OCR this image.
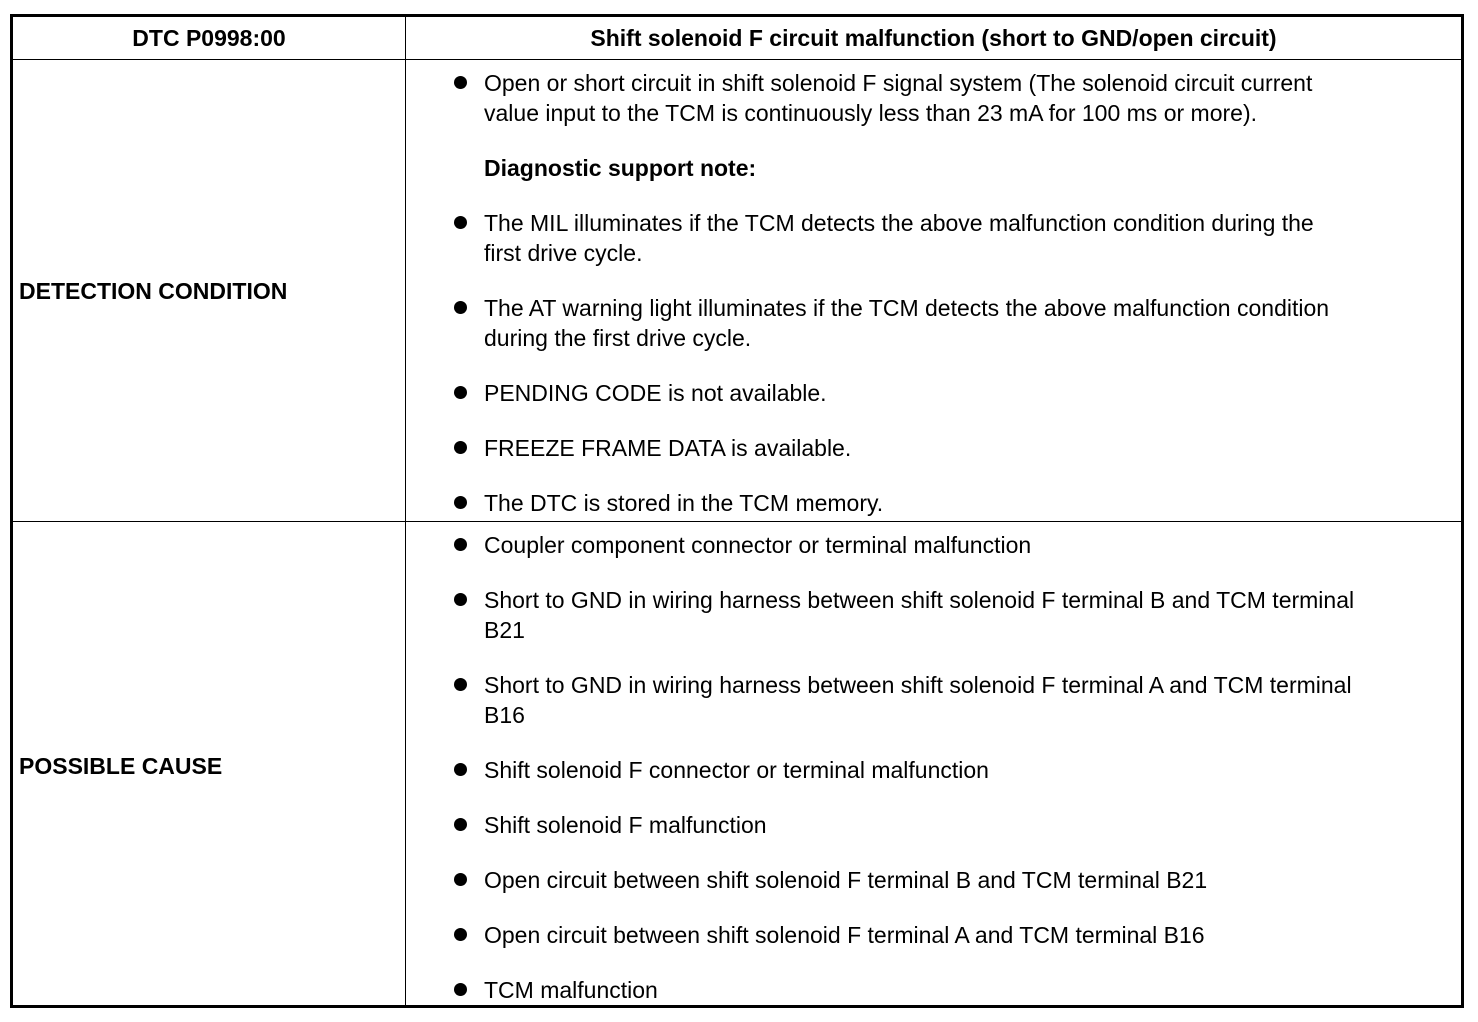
DTC P0998:00	Shift solenoid F circuit malfunction (short to GND/open circuit)
DETECTION CONDITION
Open or short circuit in shift solenoid F signal system (The solenoid circuit current
value input to the TCM is continuously less than 23 mA for 100 ms or more).
Diagnostic support note:
The MIL illuminates if the TCM detects the above malfunction condition during the
first drive cycle.
The AT warning light illuminates if the TCM detects the above malfunction condition
during the first drive cycle.
PENDING CODE is not available.
FREEZE FRAME DATA is available.
The DTC is stored in the TCM memory.
POSSIBLE CAUSE
Coupler component connector or terminal malfunction
Short to GND in wiring harness between shift solenoid F terminal B and TCM terminal
B21
Short to GND in wiring harness between shift solenoid F terminal A and TCM terminal
B16
Shift solenoid F connector or terminal malfunction
Shift solenoid F malfunction
Open circuit between shift solenoid F terminal B and TCM terminal B21
Open circuit between shift solenoid F terminal A and TCM terminal B16
TCM malfunction
